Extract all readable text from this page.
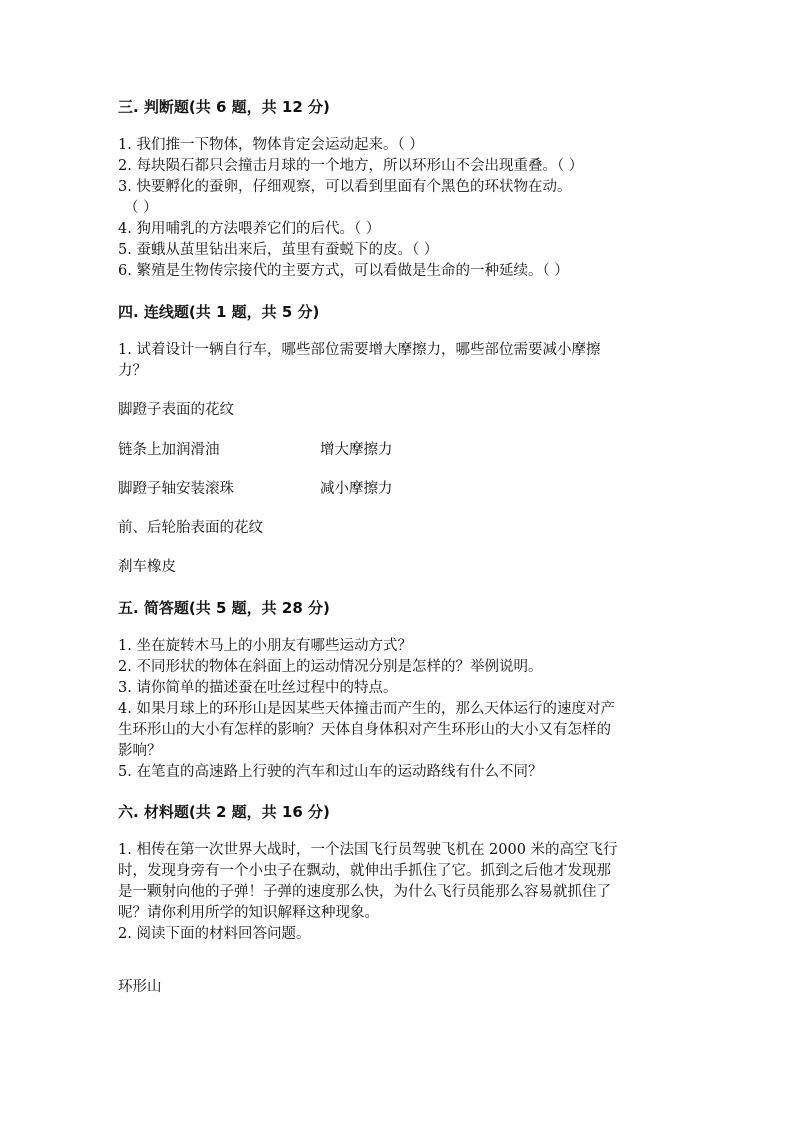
三. 判断题(共 6 题，共 12 分)
1. 我们推一下物体，物体肯定会运动起来。（ ）
2. 每块陨石都只会撞击月球的一个地方，所以环形山不会出现重叠。（ ）
3. 快要孵化的蚕卵，仔细观察，可以看到里面有个黑色的环状物在动。
（ ）
4. 狗用哺乳的方法喂养它们的后代。（ ）
5. 蚕蛾从茧里钻出来后，茧里有蚕蜕下的皮。（ ）
6. 繁殖是生物传宗接代的主要方式，可以看做是生命的一种延续。（ ）
四. 连线题(共 1 题，共 5 分)
1. 试着设计一辆自行车，哪些部位需要增大摩擦力，哪些部位需要减小摩擦
力？
脚蹬子表面的花纹
链条上加润滑油	增大摩擦力
脚蹬子轴安装滚珠	减小摩擦力
前、后轮胎表面的花纹
刹车橡皮
五. 简答题(共 5 题，共 28 分)
1. 坐在旋转木马上的小朋友有哪些运动方式？
2. 不同形状的物体在斜面上的运动情况分别是怎样的？举例说明。
3. 请你简单的描述蚕在吐丝过程中的特点。
4. 如果月球上的环形山是因某些天体撞击而产生的，那么天体运行的速度对产
生环形山的大小有怎样的影响？天体自身体积对产生环形山的大小又有怎样的
影响？
5. 在笔直的高速路上行驶的汽车和过山车的运动路线有什么不同？
六. 材料题(共 2 题，共 16 分)
1. 相传在第一次世界大战时，一个法国飞行员驾驶飞机在 2000 米的高空飞行
时，发现身旁有一个小虫子在飘动，就伸出手抓住了它。抓到之后他才发现那
是一颗射向他的子弹！子弹的速度那么快，为什么飞行员能那么容易就抓住了
呢？请你利用所学的知识解释这种现象。
2. 阅读下面的材料回答问题。
环形山
